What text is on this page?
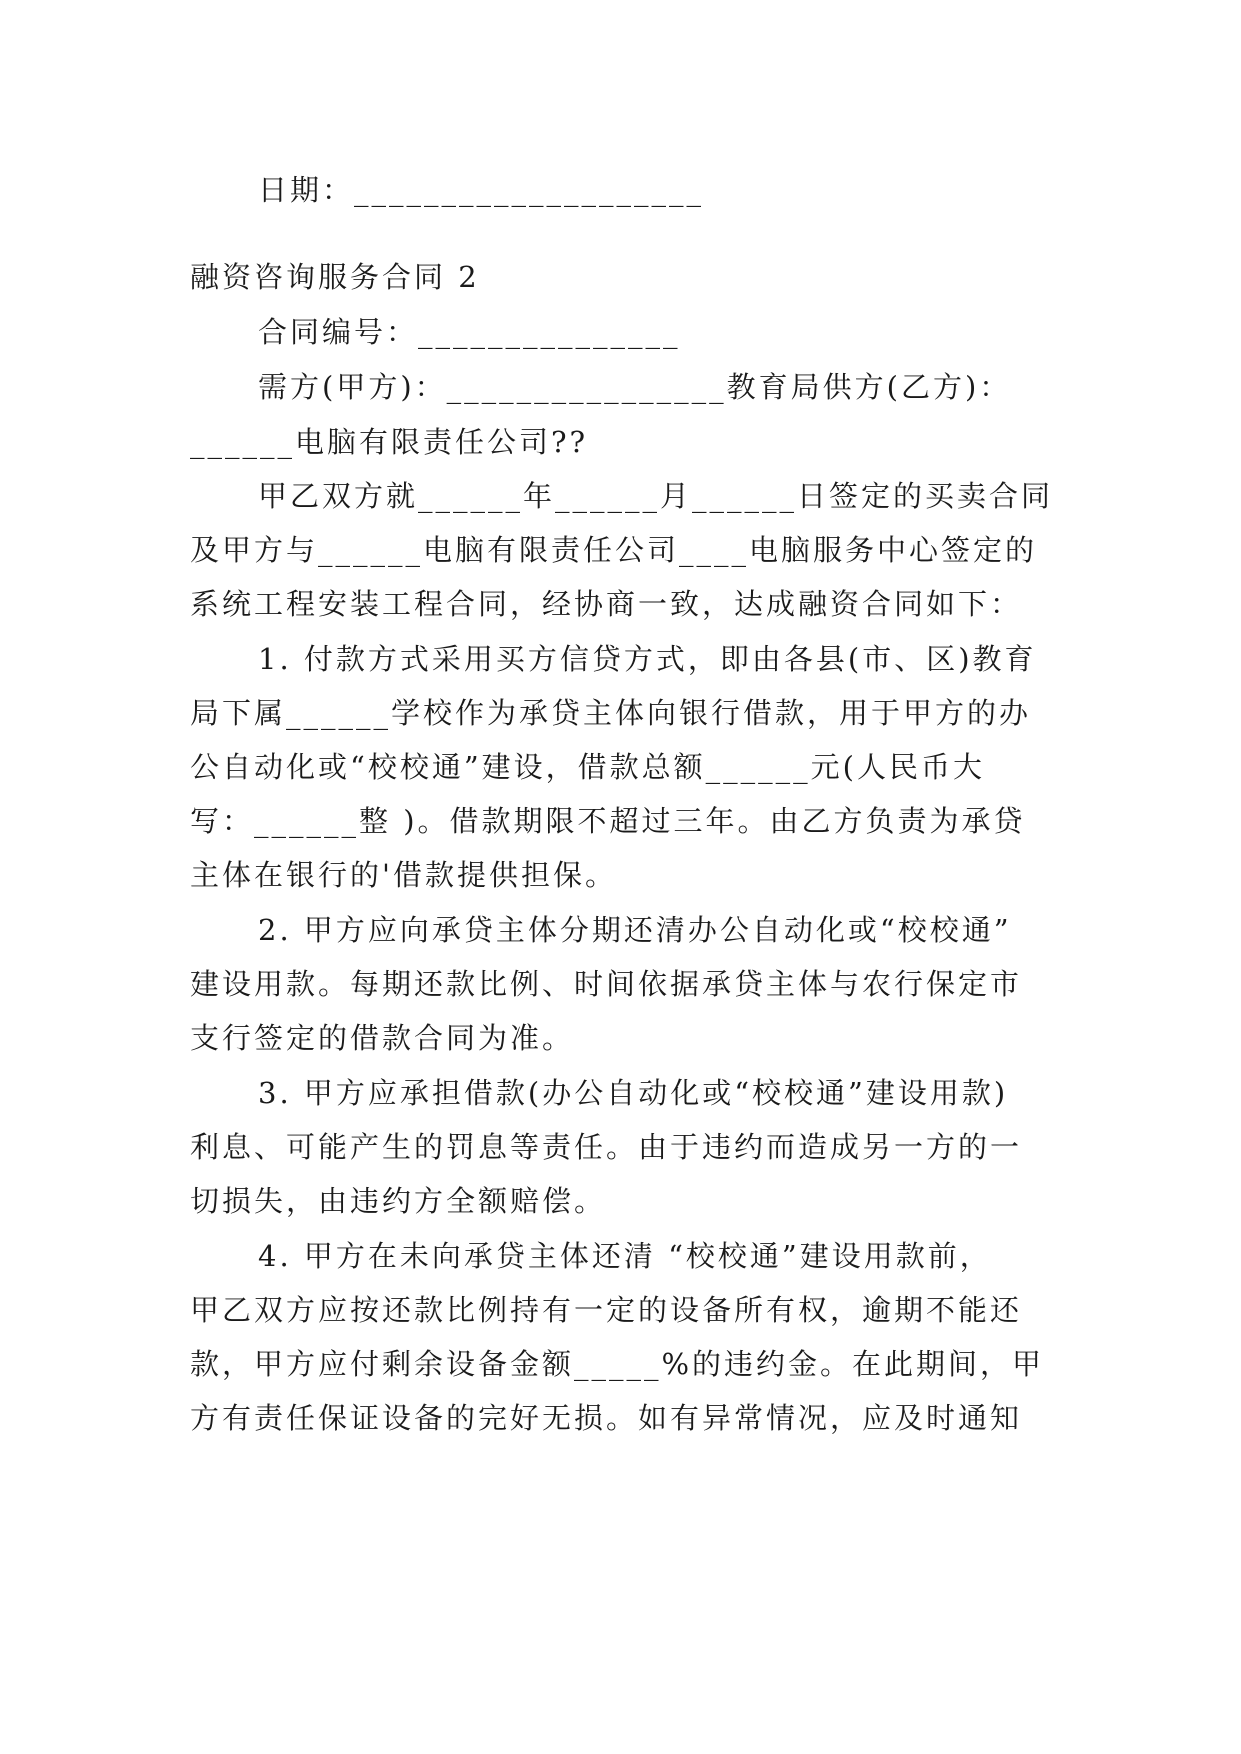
日期：____________________
融资咨询服务合同 2
合同编号：_______________
需方(甲方)：________________教育局供方(乙方)：
______电脑有限责任公司??
甲乙双方就______年______月______日签定的买卖合同
及甲方与______电脑有限责任公司____电脑服务中心签定的
系统工程安装工程合同，经协商一致，达成融资合同如下：
1. 付款方式采用买方信贷方式，即由各县(市、区)教育
局下属______学校作为承贷主体向银行借款，用于甲方的办
公自动化或“校校通”建设，借款总额______元(人民币大
写：______整 )。借款期限不超过三年。由乙方负责为承贷
主体在银行的'借款提供担保。
2. 甲方应向承贷主体分期还清办公自动化或“校校通”
建设用款。每期还款比例、时间依据承贷主体与农行保定市
支行签定的借款合同为准。
3. 甲方应承担借款(办公自动化或“校校通”建设用款)
利息、可能产生的罚息等责任。由于违约而造成另一方的一
切损失，由违约方全额赔偿。
4. 甲方在未向承贷主体还清 “校校通”建设用款前，
甲乙双方应按还款比例持有一定的设备所有权，逾期不能还
款，甲方应付剩余设备金额_____%的违约金。在此期间，甲
方有责任保证设备的完好无损。如有异常情况，应及时通知
